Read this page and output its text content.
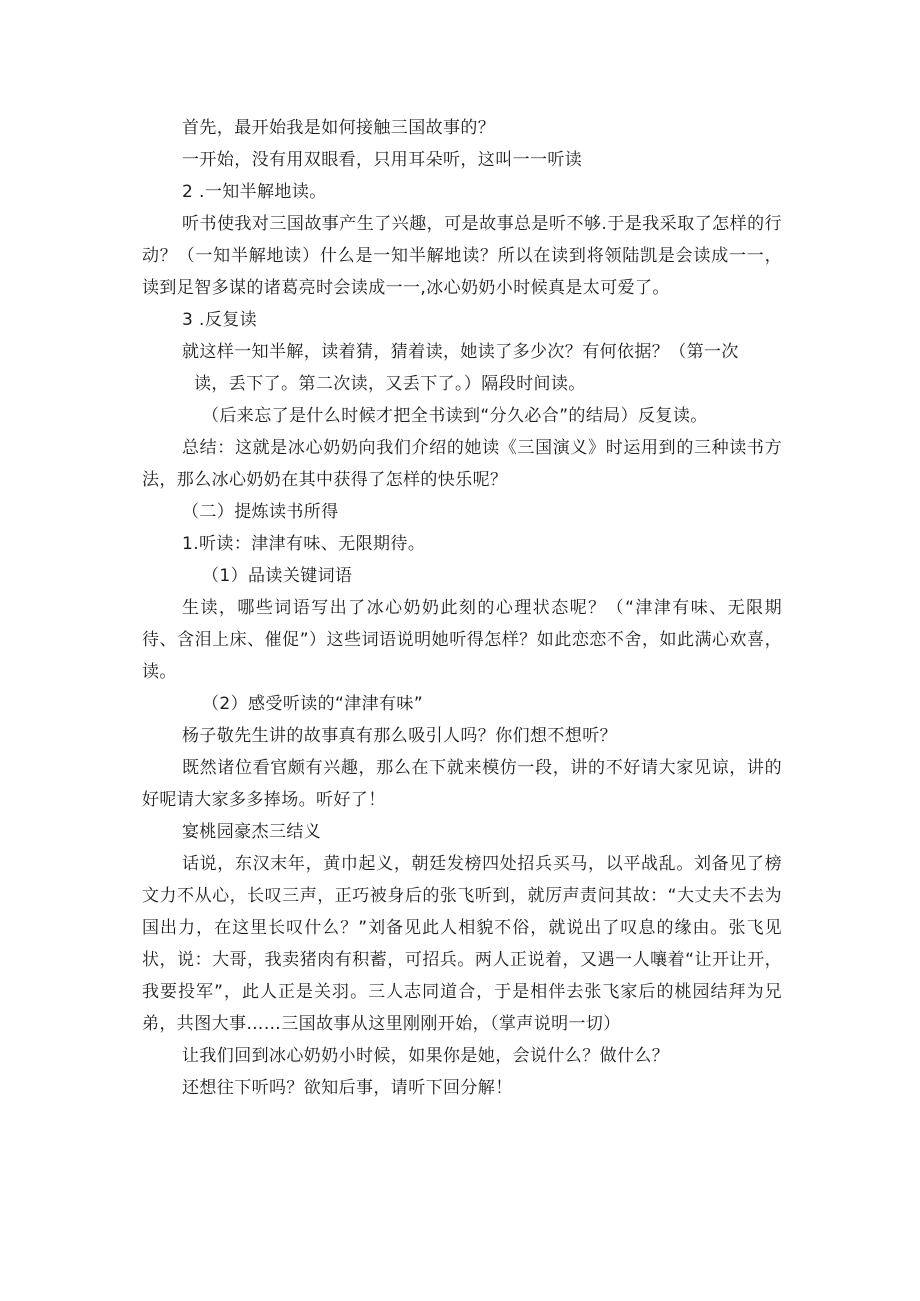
首先，最开始我是如何接触三国故事的？

一开始，没有用双眼看，只用耳朵听，这叫一一听读

2 .一知半解地读。

听书使我对三国故事产生了兴趣，可是故事总是听不够.于是我采取了怎样的行动？（一知半解地读）什么是一知半解地读？所以在读到将领陆凯是会读成一一，读到足智多谋的诸葛亮时会读成一一,冰心奶奶小时候真是太可爱了。

3 .反复读

就这样一知半解，读着猜，猜着读，她读了多少次？有何依据？（第一次
读，丢下了。第二次读，又丢下了。）隔段时间读。

（后来忘了是什么时候才把全书读到“分久必合”的结局）反复读。

总结：这就是冰心奶奶向我们介绍的她读《三国演义》时运用到的三种读书方法，那么冰心奶奶在其中获得了怎样的快乐呢？

（二）提炼读书所得

1.听读：津津有味、无限期待。

（1）品读关键词语

生读，哪些词语写出了冰心奶奶此刻的心理状态呢？（“津津有味、无限期待、含泪上床、催促”）这些词语说明她听得怎样？如此恋恋不舍，如此满心欢喜，读。

（2）感受听读的“津津有味”

杨子敬先生讲的故事真有那么吸引人吗？你们想不想听？

既然诸位看官颇有兴趣，那么在下就来模仿一段，讲的不好请大家见谅，讲的好呢请大家多多捧场。听好了！

宴桃园豪杰三结义

话说，东汉末年，黄巾起义，朝廷发榜四处招兵买马，以平战乱。刘备见了榜文力不从心，长叹三声，正巧被身后的张飞听到，就厉声责问其故：“大丈夫不去为国出力，在这里长叹什么？”刘备见此人相貌不俗，就说出了叹息的缘由。张飞见状，说：大哥，我卖猪肉有积蓄，可招兵。两人正说着，又遇一人嚷着“让开让开，我要投军”，此人正是关羽。三人志同道合，于是相伴去张飞家后的桃园结拜为兄弟，共图大事……三国故事从这里刚刚开始，（掌声说明一切）

让我们回到冰心奶奶小时候，如果你是她，会说什么？做什么？

还想往下听吗？欲知后事，请听下回分解！
